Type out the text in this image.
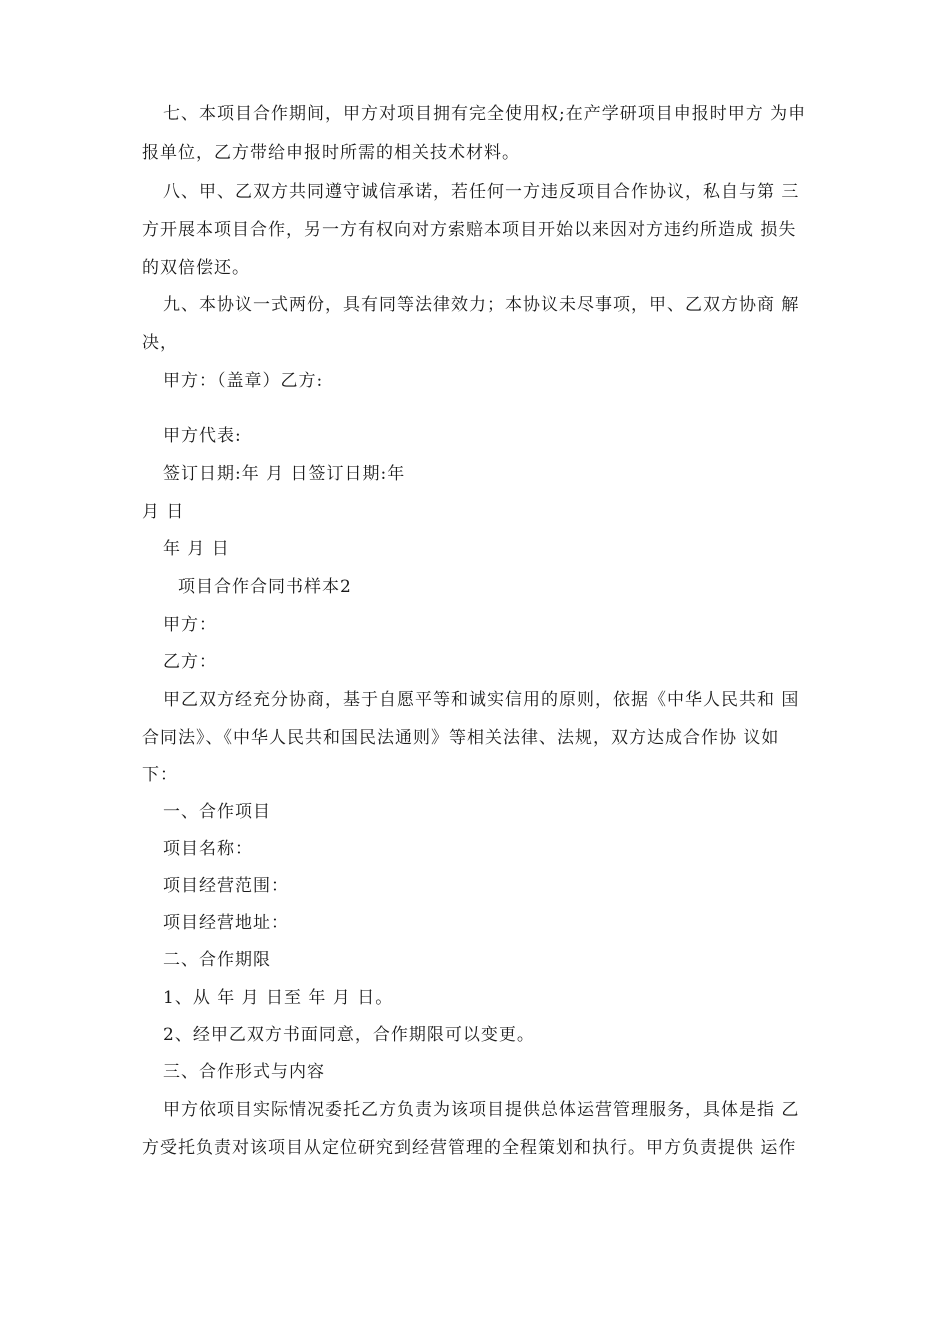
七、本项目合作期间，甲方对项目拥有完全使用权;在产学研项目申报时甲方 为申
报单位，乙方带给申报时所需的相关技术材料。
八、甲、乙双方共同遵守诚信承诺，若任何一方违反项目合作协议，私自与第 三
方开展本项目合作，另一方有权向对方索赔本项目开始以来因对方违约所造成 损失
的双倍偿还。
九、本协议一式两份，具有同等法律效力；本协议未尽事项，甲、乙双方协商 解
决，
甲方：（盖章）乙方:
甲方代表:
签订日期:年 月 日签订日期:年
月 日
年 月 日
项目合作合同书样本2
甲方：
乙方：
甲乙双方经充分协商，基于自愿平等和诚实信用的原则，依据《中华人民共和 国
合同法》、《中华人民共和国民法通则》等相关法律、法规，双方达成合作协 议如
下：
一、合作项目
项目名称：
项目经营范围：
项目经营地址：
二、合作期限
1、从 年 月 日至 年 月 日。
2、经甲乙双方书面同意，合作期限可以变更。
三、合作形式与内容
甲方依项目实际情况委托乙方负责为该项目提供总体运营管理服务，具体是指 乙
方受托负责对该项目从定位研究到经营管理的全程策划和执行。甲方负责提供 运作
